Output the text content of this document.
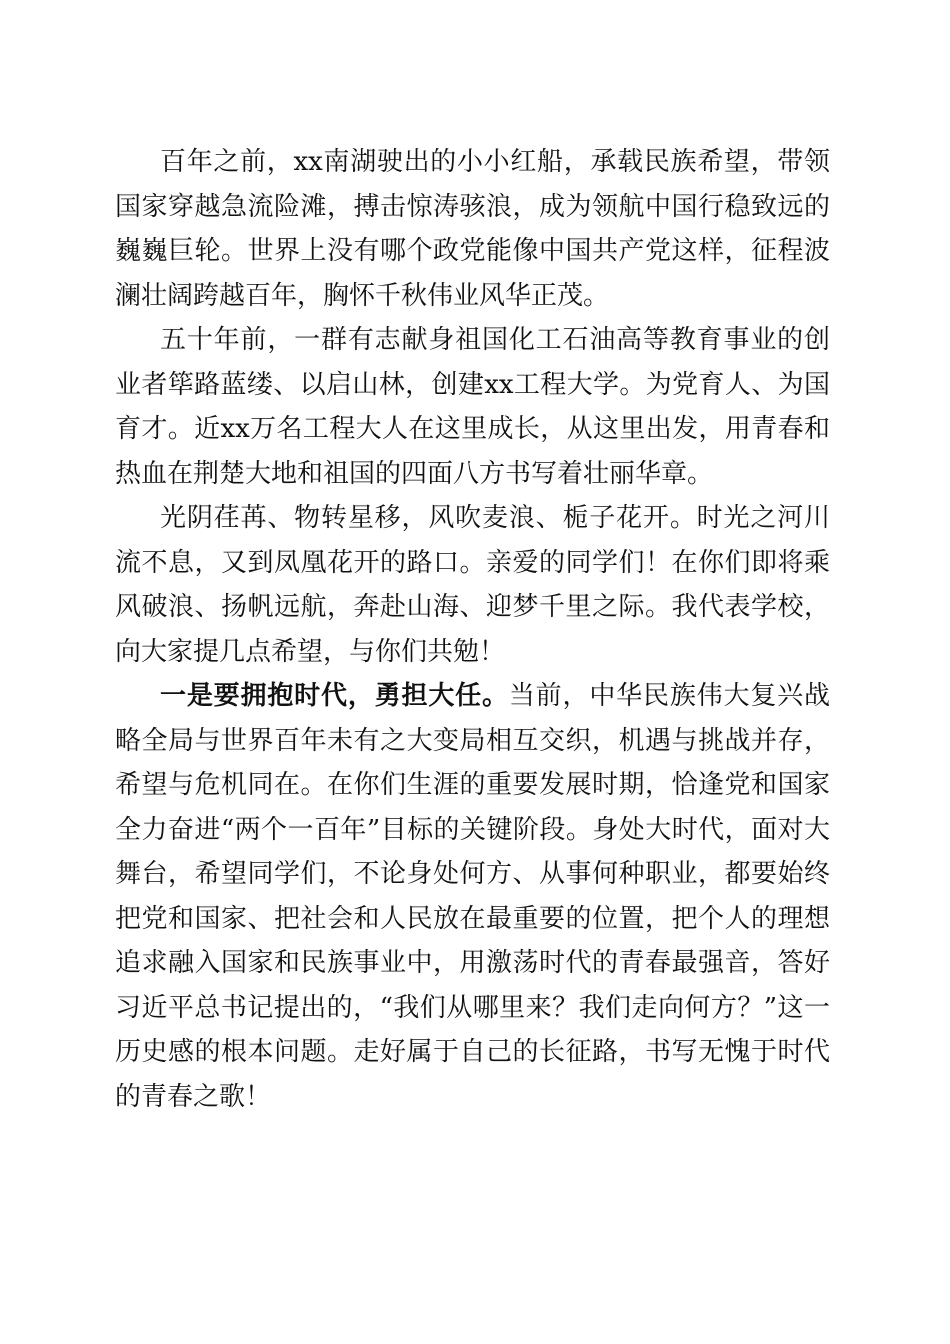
百年之前，xx南湖驶出的小小红船，承载民族希望，带领国家穿越急流险滩，搏击惊涛骇浪，成为领航中国行稳致远的巍巍巨轮。世界上没有哪个政党能像中国共产党这样，征程波澜壮阔跨越百年，胸怀千秋伟业风华正茂。

五十年前，一群有志献身祖国化工石油高等教育事业的创业者筚路蓝缕、以启山林，创建xx工程大学。为党育人、为国育才。近xx万名工程大人在这里成长，从这里出发，用青春和热血在荆楚大地和祖国的四面八方书写着壮丽华章。

光阴荏苒、物转星移，风吹麦浪、栀子花开。时光之河川流不息，又到凤凰花开的路口。亲爱的同学们！在你们即将乘风破浪、扬帆远航，奔赴山海、迎梦千里之际。我代表学校，向大家提几点希望，与你们共勉！

一是要拥抱时代，勇担大任。当前，中华民族伟大复兴战略全局与世界百年未有之大变局相互交织，机遇与挑战并存，希望与危机同在。在你们生涯的重要发展时期，恰逢党和国家全力奋进“两个一百年”目标的关键阶段。身处大时代，面对大舞台，希望同学们，不论身处何方、从事何种职业，都要始终把党和国家、把社会和人民放在最重要的位置，把个人的理想追求融入国家和民族事业中，用激荡时代的青春最强音，答好习近平总书记提出的，“我们从哪里来？我们走向何方？”这一历史感的根本问题。走好属于自己的长征路，书写无愧于时代的青春之歌！
